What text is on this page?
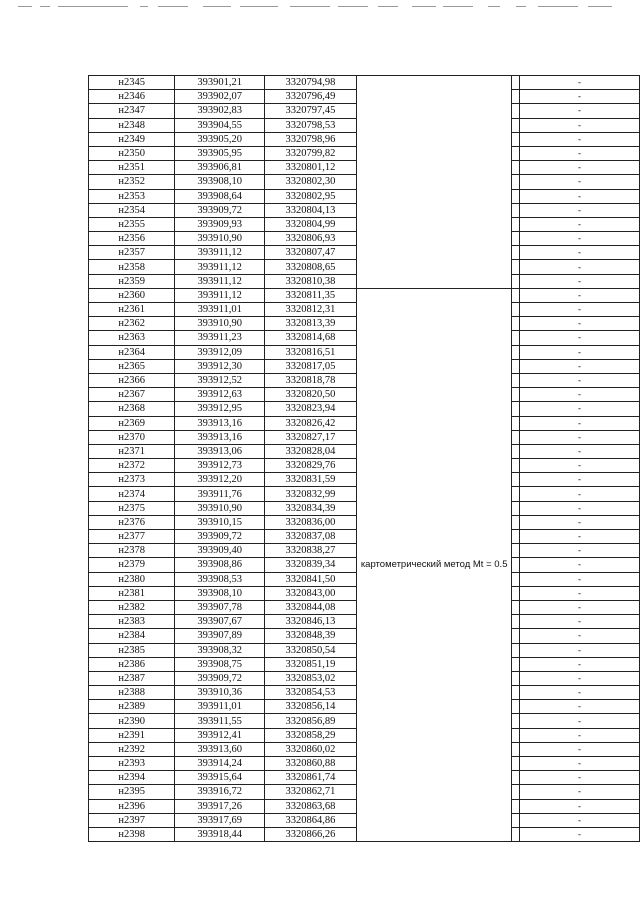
н2345	393901,21	3320794,98			-
н2346	393902,07	3320796,49			-
н2347	393902,83	3320797,45			-
н2348	393904,55	3320798,53			-
н2349	393905,20	3320798,96			-
н2350	393905,95	3320799,82			-
н2351	393906,81	3320801,12			-
н2352	393908,10	3320802,30			-
н2353	393908,64	3320802,95			-
н2354	393909,72	3320804,13			-
н2355	393909,93	3320804,99			-
н2356	393910,90	3320806,93			-
н2357	393911,12	3320807,47			-
н2358	393911,12	3320808,65			-
н2359	393911,12	3320810,38			-
н2360	393911,12	3320811,35	картометрический метод Mt = 0.5		-
н2361	393911,01	3320812,31			-
н2362	393910,90	3320813,39			-
н2363	393911,23	3320814,68			-
н2364	393912,09	3320816,51			-
н2365	393912,30	3320817,05			-
н2366	393912,52	3320818,78			-
н2367	393912,63	3320820,50			-
н2368	393912,95	3320823,94			-
н2369	393913,16	3320826,42			-
н2370	393913,16	3320827,17			-
н2371	393913,06	3320828,04			-
н2372	393912,73	3320829,76			-
н2373	393912,20	3320831,59			-
н2374	393911,76	3320832,99			-
н2375	393910,90	3320834,39			-
н2376	393910,15	3320836,00			-
н2377	393909,72	3320837,08			-
н2378	393909,40	3320838,27			-
н2379	393908,86	3320839,34			-
н2380	393908,53	3320841,50			-
н2381	393908,10	3320843,00			-
н2382	393907,78	3320844,08			-
н2383	393907,67	3320846,13			-
н2384	393907,89	3320848,39			-
н2385	393908,32	3320850,54			-
н2386	393908,75	3320851,19			-
н2387	393909,72	3320853,02			-
н2388	393910,36	3320854,53			-
н2389	393911,01	3320856,14			-
н2390	393911,55	3320856,89			-
н2391	393912,41	3320858,29			-
н2392	393913,60	3320860,02			-
н2393	393914,24	3320860,88			-
н2394	393915,64	3320861,74			-
н2395	393916,72	3320862,71			-
н2396	393917,26	3320863,68			-
н2397	393917,69	3320864,86			-
н2398	393918,44	3320866,26			-
